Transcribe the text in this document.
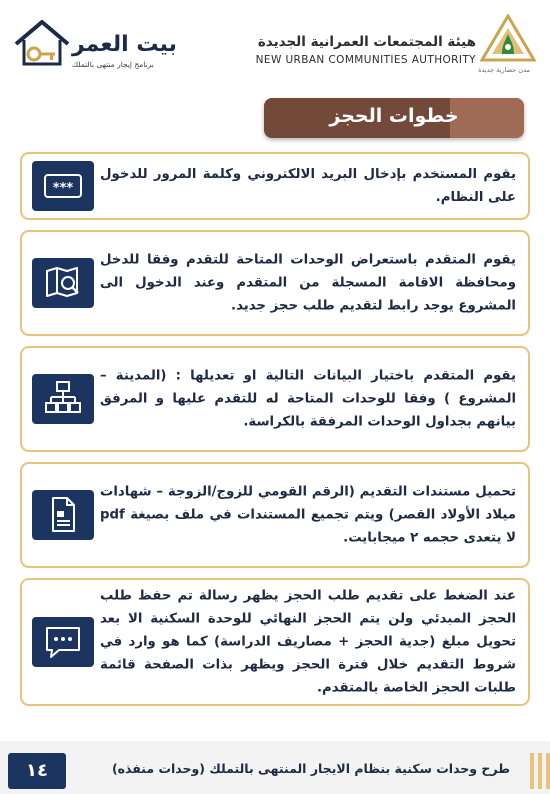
بيت العمر
برنامج إيجار منتهى بالتملك
هيئة المجتمعات العمرانية الجديدة
NEW URBAN COMMUNITIES AUTHORITY
مدن حضارية جديدة
خطوات الحجز
***
يقوم المستخدم بإدخال البريد الالكتروني وكلمة المرور للدخول على النظام.
يقوم المتقدم باستعراض الوحدات المتاحة للتقدم وفقا للدخل ومحافظة الاقامة المسجلة من المتقدم وعند الدخول الى المشروع يوجد رابط لتقديم طلب حجز جديد.
يقوم المتقدم باختيار البيانات التالية او تعديلها : (المدينة – المشروع ) وفقا للوحدات المتاحة له للتقدم عليها و المرفق بيانهم بجداول الوحدات المرفقة بالكراسة.
تحميل مستندات التقديم (الرقم القومي للزوج/الزوجة – شهادات ميلاد الأولاد القصر) ويتم تجميع المستندات في ملف بصيغة pdf لا يتعدى حجمه ٢ ميجابايت.
عند الضغط على تقديم طلب الحجز يظهر رسالة تم حفظ طلب الحجز المبدئي ولن يتم الحجز النهائي للوحدة السكنية الا بعد تحويل مبلغ (جدية الحجز + مصاريف الدراسة) كما هو وارد في شروط التقديم خلال فترة الحجز ويظهر بذات الصفحة قائمة طلبات الحجز الخاصة بالمتقدم.
١٤	طرح وحدات سكنية بنظام الايجار المنتهى بالتملك (وحدات منفذه)
